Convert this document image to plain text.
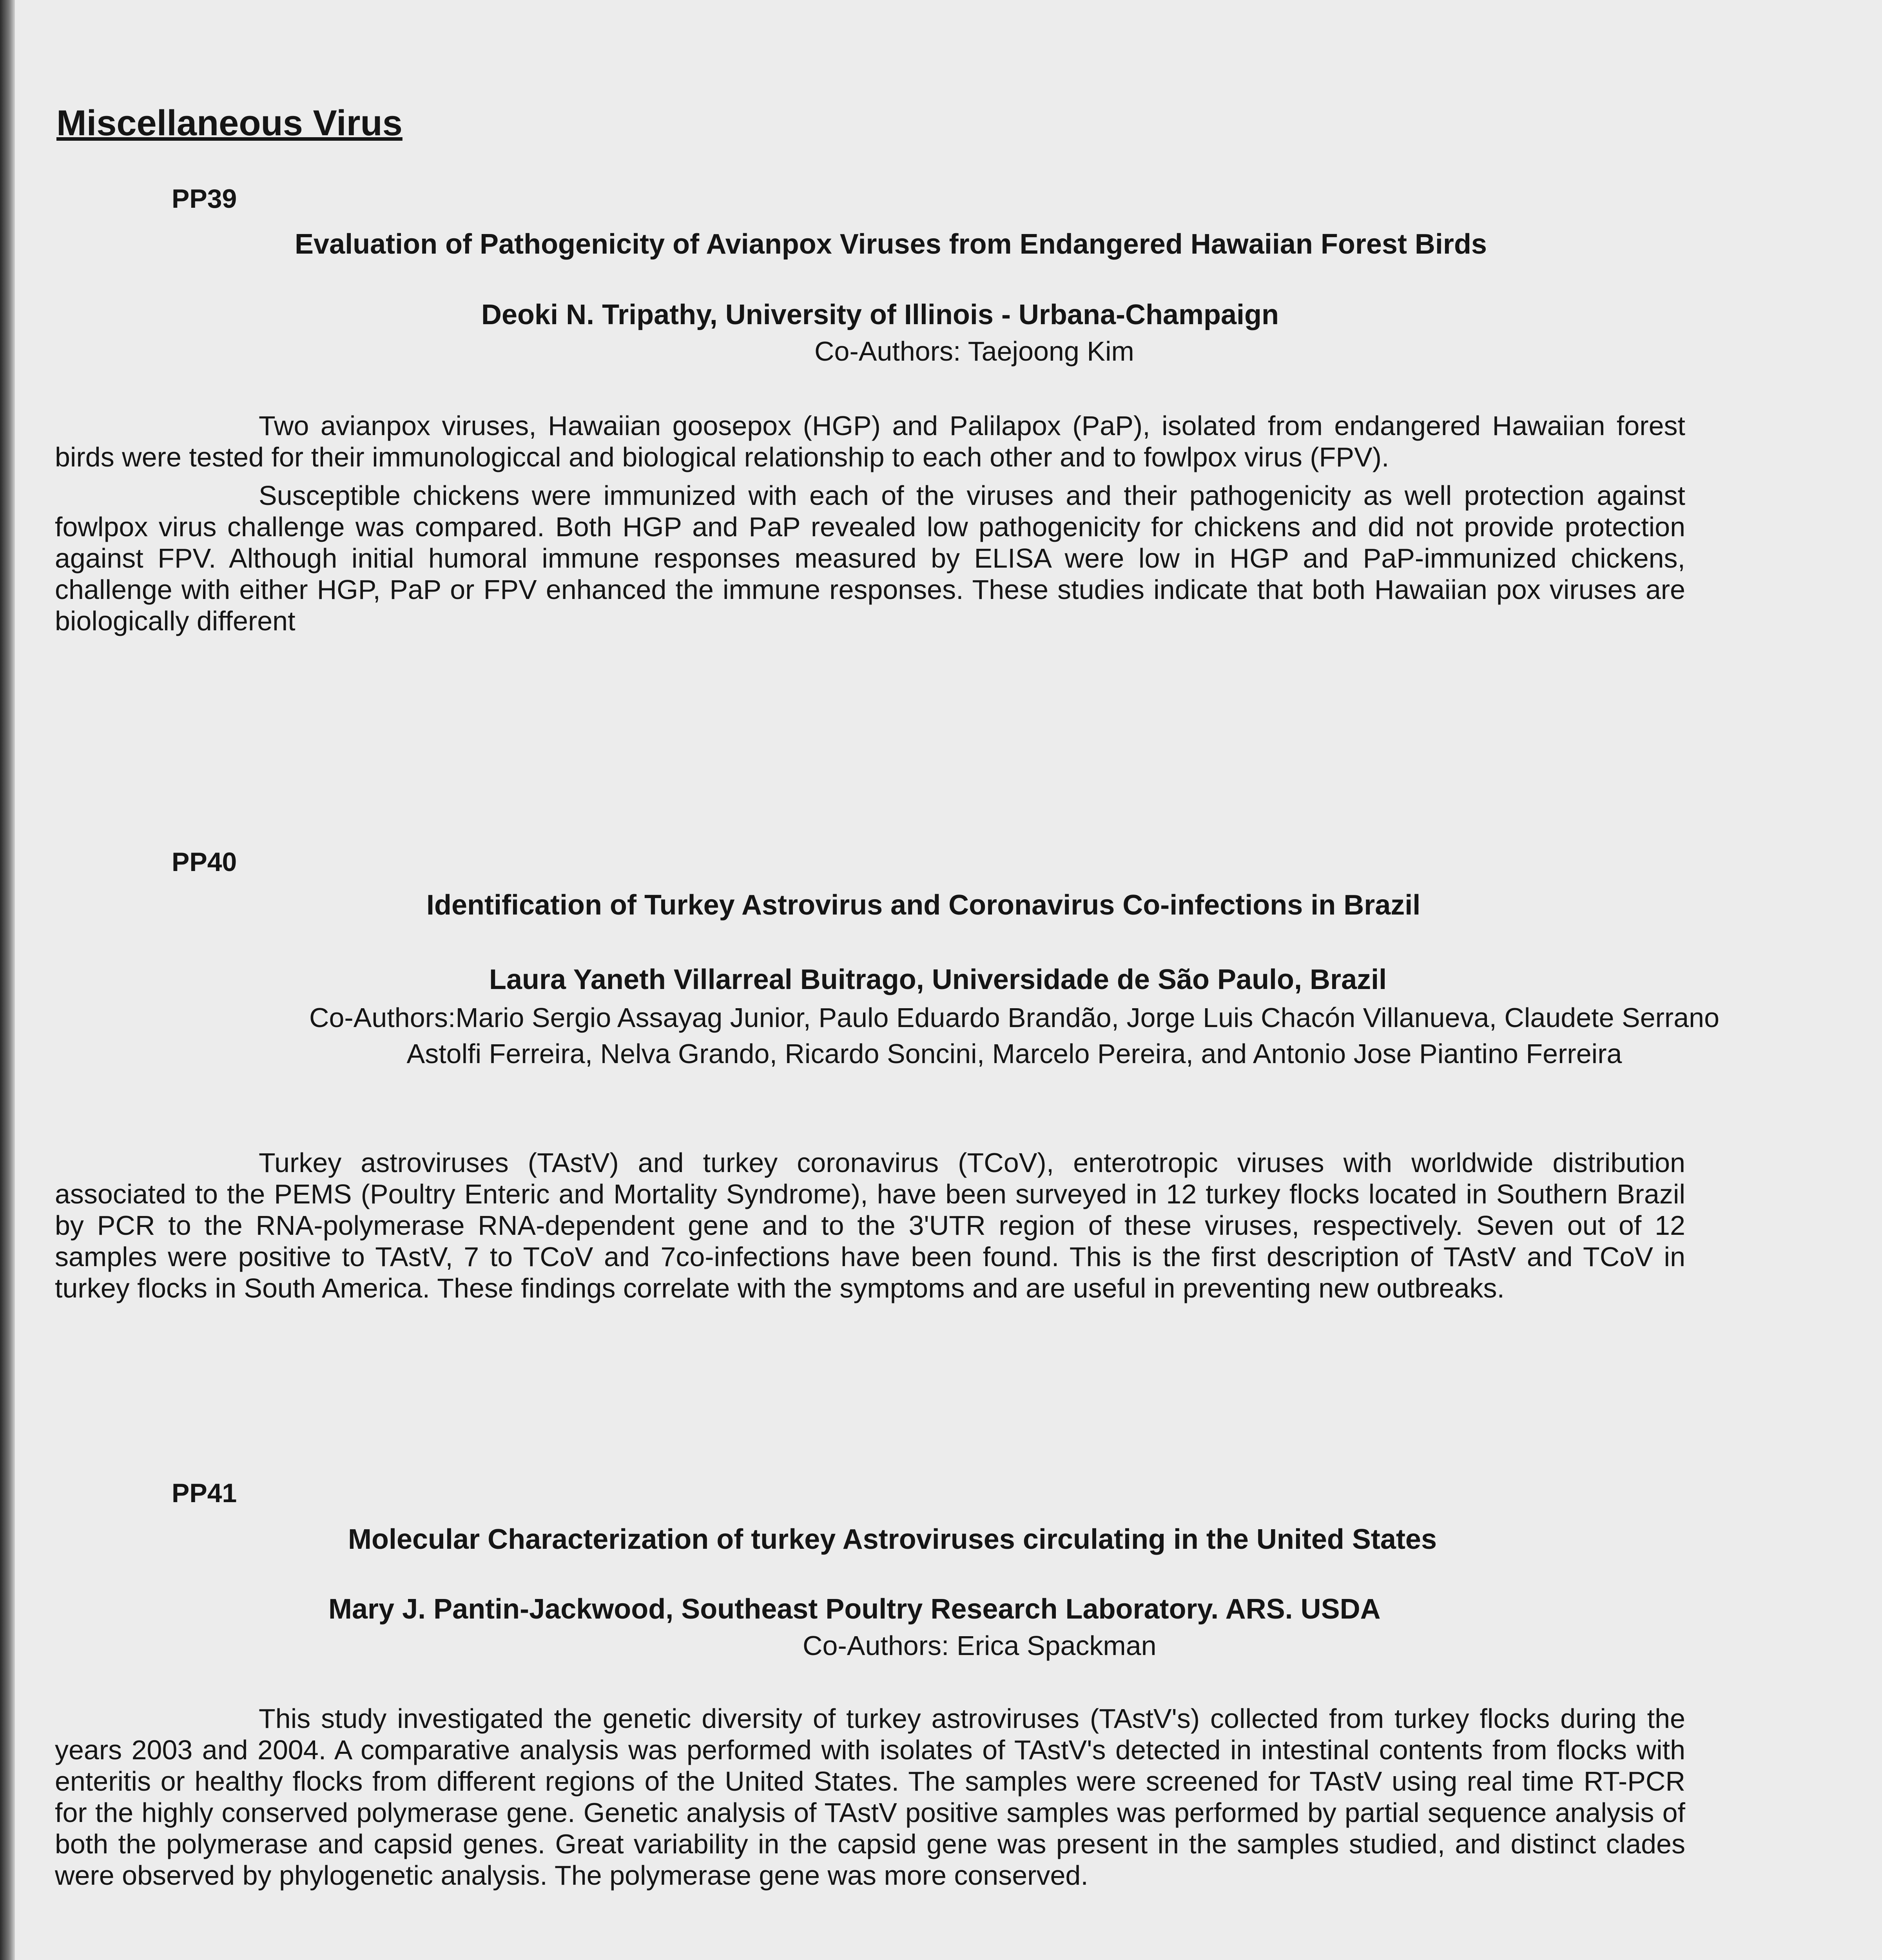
Miscellaneous Virus
PP39
Evaluation of Pathogenicity of Avianpox Viruses from Endangered Hawaiian Forest Birds
Deoki N. Tripathy, University of Illinois - Urbana-Champaign
Co-Authors: Taejoong Kim

Two avianpox viruses, Hawaiian goosepox (HGP) and Palilapox (PaP), isolated from endangered Hawaiian forest birds were tested for their immunologiccal and biological relationship to each other and to fowlpox virus (FPV).

Susceptible chickens were immunized with each of the viruses and their pathogenicity as well protection against fowlpox virus challenge was compared. Both HGP and PaP revealed low pathogenicity for chickens and did not provide protection against FPV. Although initial humoral immune responses measured by ELISA were low in HGP and PaP-immunized chickens, challenge with either HGP, PaP or FPV enhanced the immune responses. These studies indicate that both Hawaiian pox viruses are biologically different

PP40
Identification of Turkey Astrovirus and Coronavirus Co-infections in Brazil
Laura Yaneth Villarreal Buitrago, Universidade de São Paulo, Brazil
Co-Authors:Mario Sergio Assayag Junior, Paulo Eduardo Brandão, Jorge Luis Chacón Villanueva, Claudete Serrano Astolfi Ferreira, Nelva Grando, Ricardo Soncini, Marcelo Pereira, and Antonio Jose Piantino Ferreira

Turkey astroviruses (TAstV) and turkey coronavirus (TCoV), enterotropic viruses with worldwide distribution associated to the PEMS (Poultry Enteric and Mortality Syndrome), have been surveyed in 12 turkey flocks located in Southern Brazil by PCR to the RNA-polymerase RNA-dependent gene and to the 3'UTR region of these viruses, respectively. Seven out of 12 samples were positive to TAstV, 7 to TCoV and 7co-infections have been found. This is the first description of TAstV and TCoV in turkey flocks in South America. These findings correlate with the symptoms and are useful in preventing new outbreaks.

PP41
Molecular Characterization of turkey Astroviruses circulating in the United States
Mary J. Pantin-Jackwood, Southeast Poultry Research Laboratory. ARS. USDA
Co-Authors: Erica Spackman

This study investigated the genetic diversity of turkey astroviruses (TAstV's) collected from turkey flocks during the years 2003 and 2004. A comparative analysis was performed with isolates of TAstV's detected in intestinal contents from flocks with enteritis or healthy flocks from different regions of the United States. The samples were screened for TAstV using real time RT-PCR for the highly conserved polymerase gene. Genetic analysis of TAstV positive samples was performed by partial sequence analysis of both the polymerase and capsid genes. Great variability in the capsid gene was present in the samples studied, and distinct clades were observed by phylogenetic analysis. The polymerase gene was more conserved.
